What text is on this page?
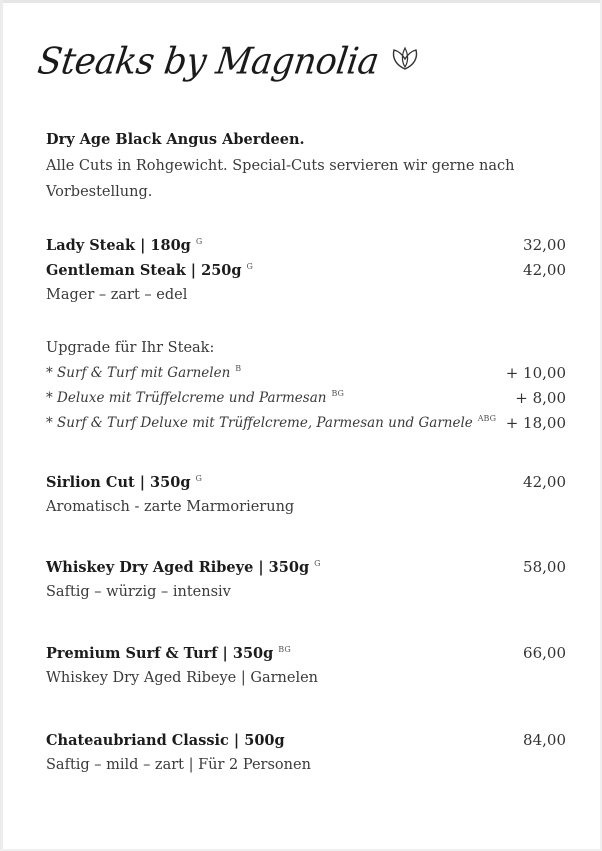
Steaks by Magnolia
Dry Age Black Angus Aberdeen.
Alle Cuts in Rohgewicht. Special-Cuts servieren wir gerne nach
Vorbestellung.
Lady Steak | 180g $^G$	32,00
Gentleman Steak | 250g $^G$	42,00
Mager – zart – edel
Upgrade für Ihr Steak:
* Surf & Turf mit Garnelen $^B$	+ 10,00
* Deluxe mit Trüffelcreme und Parmesan $^{BG}$	+ 8,00
* Surf & Turf Deluxe mit Trüffelcreme, Parmesan und Garnele $^{ABG}$ + 18,00
Sirlion Cut | 350g $^G$	42,00
Aromatisch - zarte Marmorierung
Whiskey Dry Aged Ribeye | 350g $^G$	58,00
Saftig – würzig – intensiv
Premium Surf & Turf | 350g $^{BG}$	66,00
Whiskey Dry Aged Ribeye | Garnelen
Chateaubriand Classic | 500g	84,00
Saftig – mild – zart | Für 2 Personen
